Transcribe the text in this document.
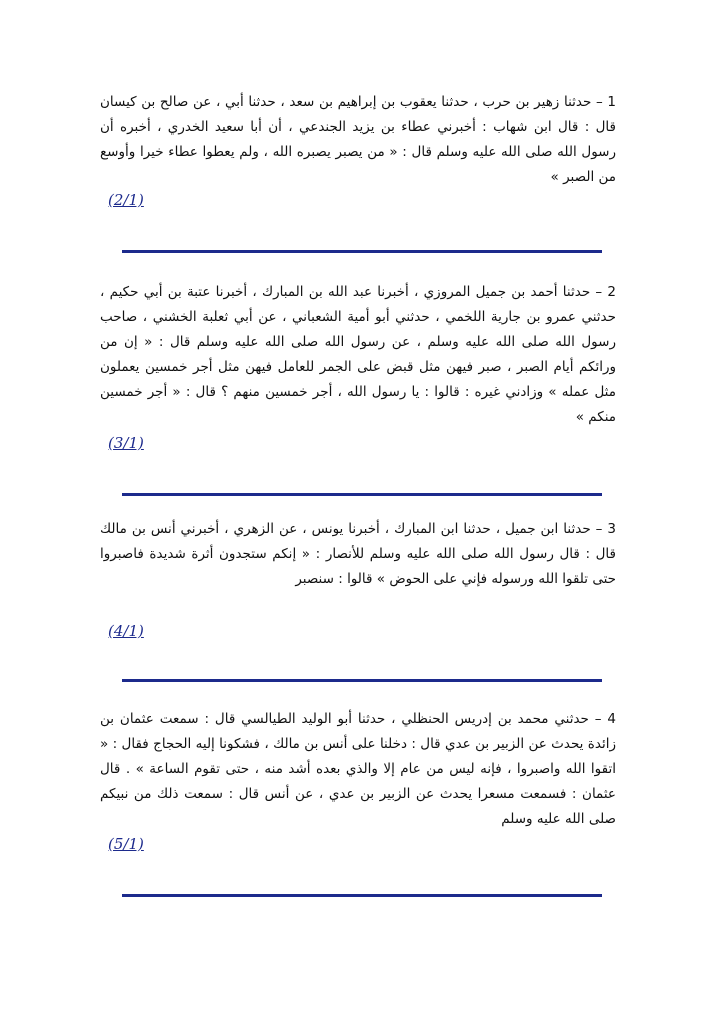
1 – حدثنا زهير بن حرب ، حدثنا يعقوب بن إبراهيم بن سعد ، حدثنا أبي ، عن صالح بن كيسان قال : قال ابن شهاب : أخبرني عطاء بن يزيد الجندعي ، أن أبا سعيد الخدري ، أخبره أن رسول الله صلى الله عليه وسلم قال : « من يصبر يصبره الله ، ولم يعطوا عطاء خيرا وأوسع من الصبر »

(2/1)

2 – حدثنا أحمد بن جميل المروزي ، أخبرنا عبد الله بن المبارك ، أخبرنا عتبة بن أبي حكيم ، حدثني عمرو بن جارية اللخمي ، حدثني أبو أمية الشعباني ، عن أبي ثعلبة الخشني ، صاحب رسول الله صلى الله عليه وسلم ، عن رسول الله صلى الله عليه وسلم قال : « إن من ورائكم أيام الصبر ، صبر فيهن مثل قبض على الجمر للعامل فيهن مثل أجر خمسين يعملون مثل عمله » وزادني غيره : قالوا : يا رسول الله ، أجر خمسين منهم ؟ قال : « أجر خمسين منكم »

(3/1)

3 – حدثنا ابن جميل ، حدثنا ابن المبارك ، أخبرنا يونس ، عن الزهري ، أخبرني أنس بن مالك قال : قال رسول الله صلى الله عليه وسلم للأنصار : « إنكم ستجدون أثرة شديدة فاصبروا حتى تلقوا الله ورسوله فإني على الحوض » قالوا : سنصبر

(4/1)

4 – حدثني محمد بن إدريس الحنظلي ، حدثنا أبو الوليد الطيالسي قال : سمعت عثمان بن زائدة يحدث عن الزبير بن عدي قال : دخلنا على أنس بن مالك ، فشكونا إليه الحجاج فقال : « اتقوا الله واصبروا ، فإنه ليس من عام إلا والذي بعده أشد منه ، حتى تقوم الساعة » . قال عثمان : فسمعت مسعرا يحدث عن الزبير بن عدي ، عن أنس قال : سمعت ذلك من نبيكم صلى الله عليه وسلم

(5/1)
